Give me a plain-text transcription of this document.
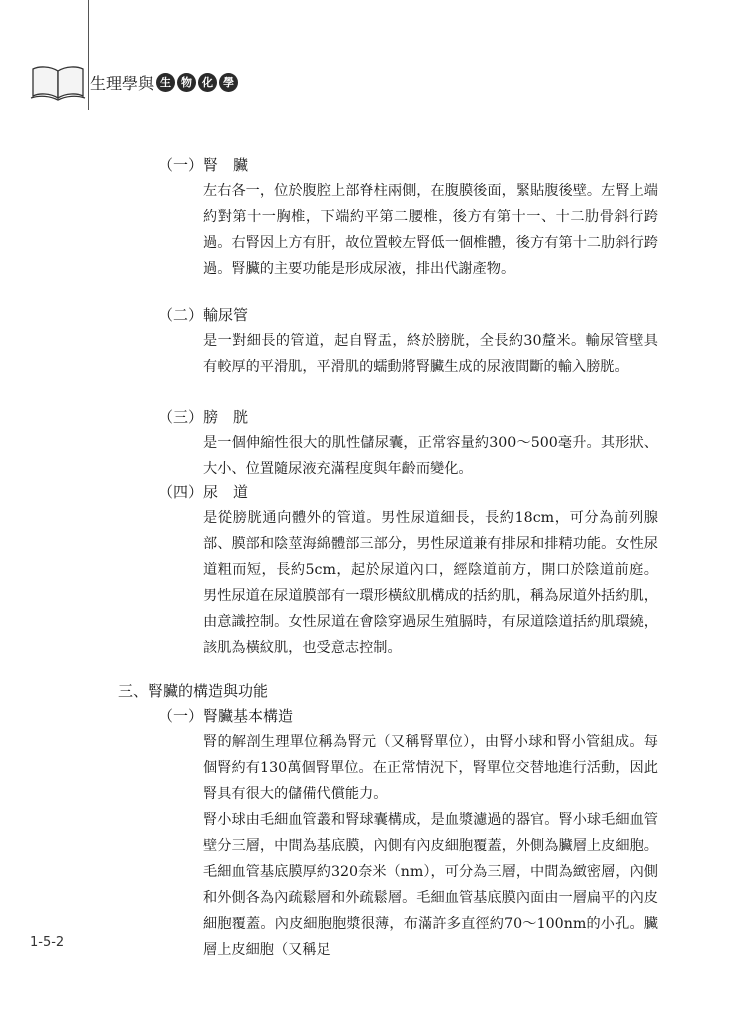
生理學與 生 物 化 學
（一）腎　臟
左右各一，位於腹腔上部脊柱兩側，在腹膜後面，緊貼腹後壁。左腎上端約對第十一胸椎，下端約平第二腰椎，後方有第十一、十二肋骨斜行跨過。右腎因上方有肝，故位置較左腎低一個椎體，後方有第十二肋斜行跨過。腎臟的主要功能是形成尿液，排出代謝產物。
（二）輸尿管
是一對細長的管道，起自腎盂，終於膀胱，全長約30釐米。輸尿管壁具有較厚的平滑肌，平滑肌的蠕動將腎臟生成的尿液間斷的輸入膀胱。
（三）膀　胱
是一個伸縮性很大的肌性儲尿囊，正常容量約300～500毫升。其形狀、大小、位置隨尿液充滿程度與年齡而變化。
（四）尿　道
是從膀胱通向體外的管道。男性尿道細長，長約18cm，可分為前列腺部、膜部和陰莖海綿體部三部分，男性尿道兼有排尿和排精功能。女性尿道粗而短，長約5cm，起於尿道內口，經陰道前方，開口於陰道前庭。男性尿道在尿道膜部有一環形橫紋肌構成的括約肌，稱為尿道外括約肌，由意識控制。女性尿道在會陰穿過尿生殖膈時，有尿道陰道括約肌環繞，該肌為橫紋肌，也受意志控制。
三、腎臟的構造與功能
（一）腎臟基本構造
腎的解剖生理單位稱為腎元（又稱腎單位），由腎小球和腎小管組成。每個腎約有130萬個腎單位。在正常情況下，腎單位交替地進行活動，因此腎具有很大的儲備代償能力。
腎小球由毛細血管叢和腎球囊構成，是血漿濾過的器官。腎小球毛細血管壁分三層，中間為基底膜，內側有內皮細胞覆蓋，外側為臟層上皮細胞。毛細血管基底膜厚約320奈米（nm），可分為三層，中間為緻密層，內側和外側各為內疏鬆層和外疏鬆層。毛細血管基底膜內面由一層扁平的內皮細胞覆蓋。內皮細胞胞漿很薄，布滿許多直徑約70～100nm的小孔。臟層上皮細胞（又稱足
1-5-2
